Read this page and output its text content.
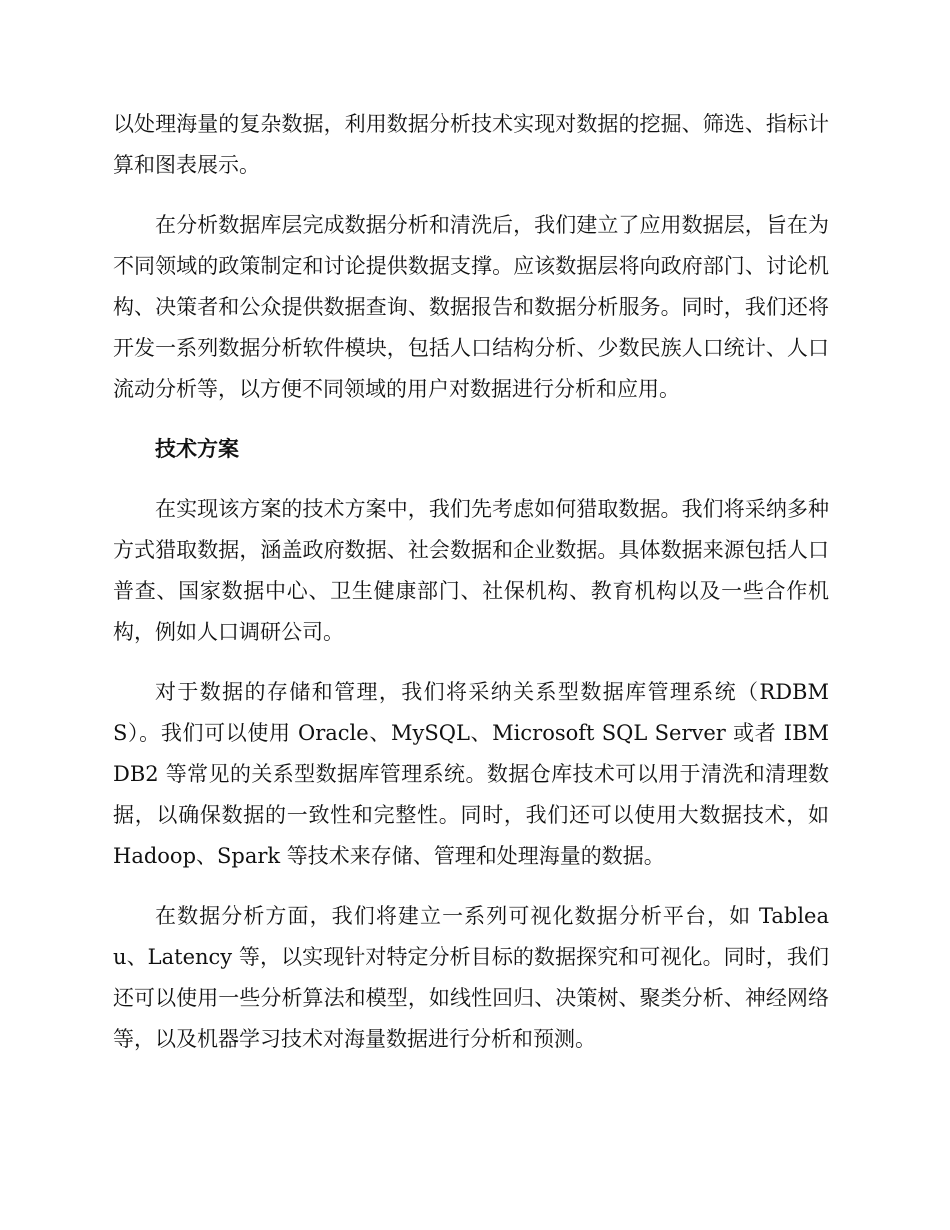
以处理海量的复杂数据，利用数据分析技术实现对数据的挖掘、筛选、指标计算和图表展示。

在分析数据库层完成数据分析和清洗后，我们建立了应用数据层，旨在为不同领域的政策制定和讨论提供数据支撑。应该数据层将向政府部门、讨论机构、决策者和公众提供数据查询、数据报告和数据分析服务。同时，我们还将开发一系列数据分析软件模块，包括人口结构分析、少数民族人口统计、人口流动分析等，以方便不同领域的用户对数据进行分析和应用。

技术方案

在实现该方案的技术方案中，我们先考虑如何猎取数据。我们将采纳多种方式猎取数据，涵盖政府数据、社会数据和企业数据。具体数据来源包括人口普查、国家数据中心、卫生健康部门、社保机构、教育机构以及一些合作机构，例如人口调研公司。

对于数据的存储和管理，我们将采纳关系型数据库管理系统（RDBMS）。我们可以使用 Oracle、MySQL、Microsoft SQL Server 或者 IBM DB2 等常见的关系型数据库管理系统。数据仓库技术可以用于清洗和清理数据，以确保数据的一致性和完整性。同时，我们还可以使用大数据技术，如 Hadoop、Spark 等技术来存储、管理和处理海量的数据。

在数据分析方面，我们将建立一系列可视化数据分析平台，如 Tableau、Latency 等，以实现针对特定分析目标的数据探究和可视化。同时，我们还可以使用一些分析算法和模型，如线性回归、决策树、聚类分析、神经网络等，以及机器学习技术对海量数据进行分析和预测。
